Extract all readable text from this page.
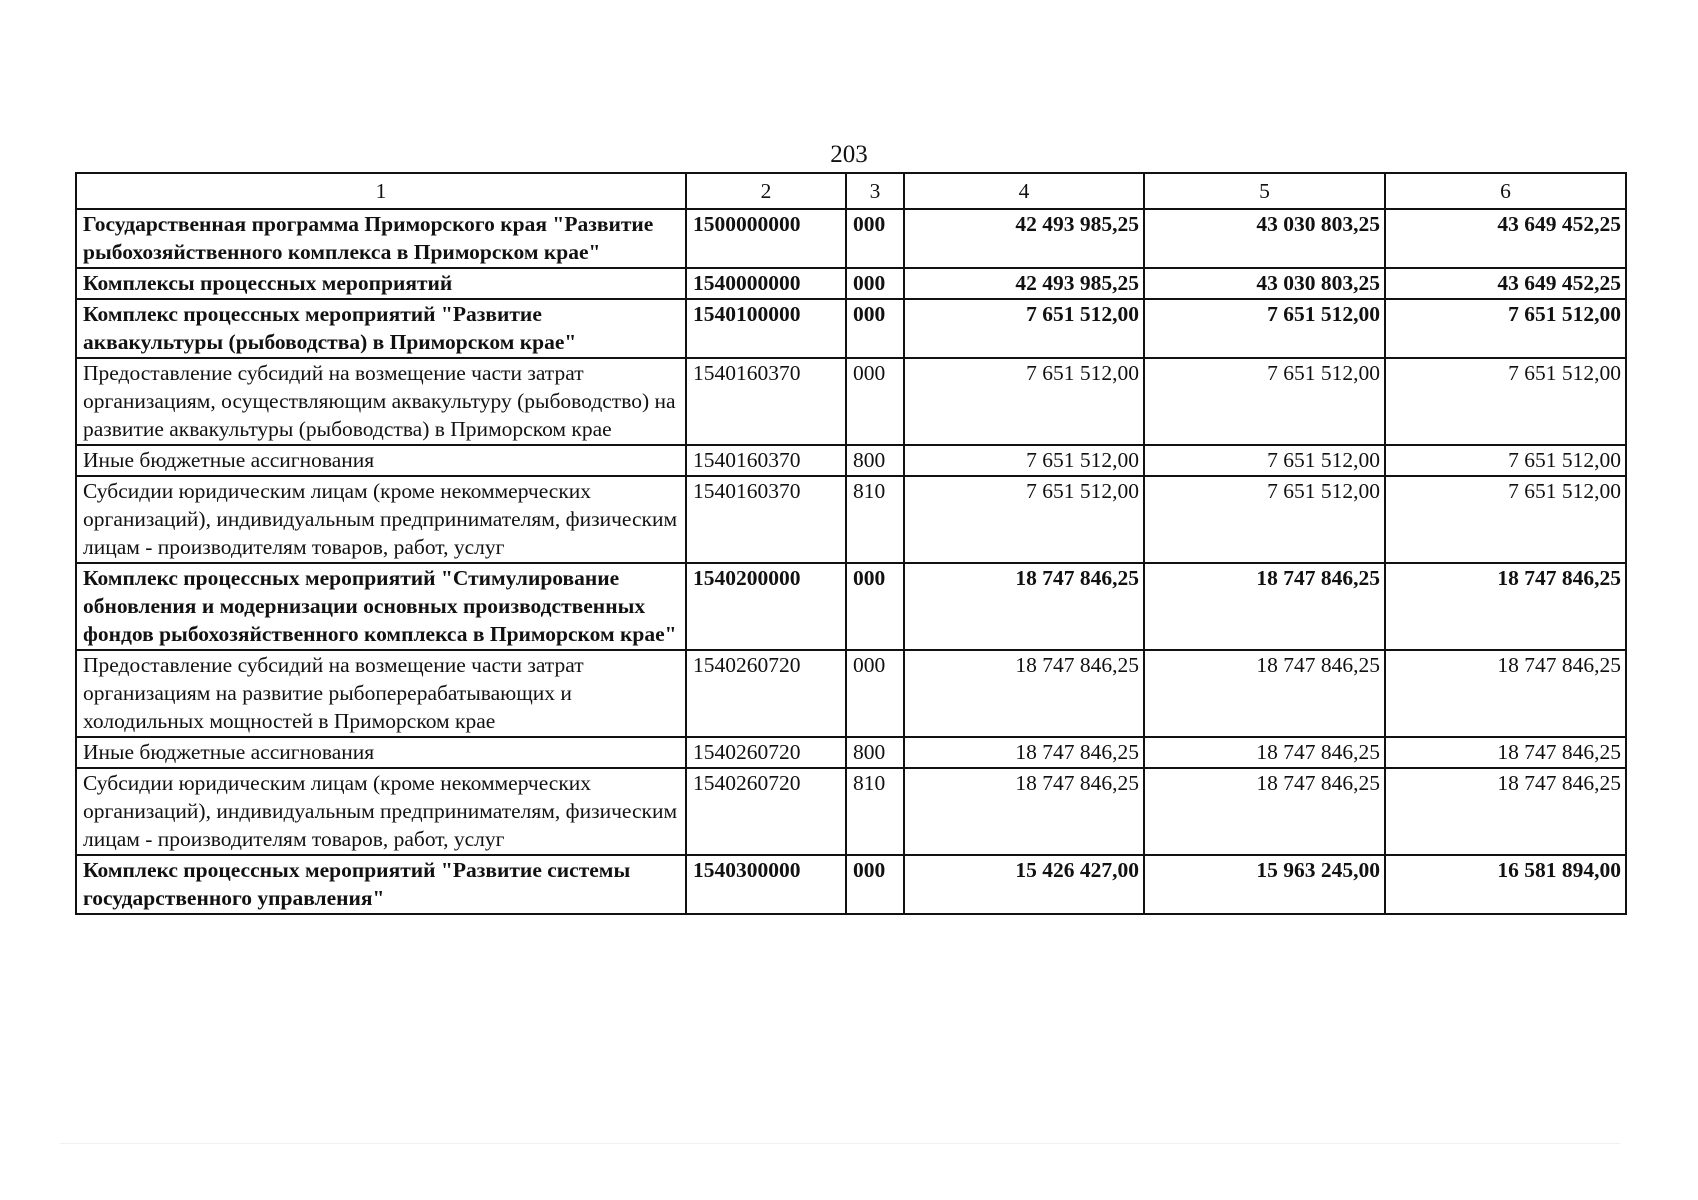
203
1	2	3	4	5	6
Государственная программа Приморского края "Развитие рыбохозяйственного комплекса в Приморском крае"	1500000000	000	42 493 985,25	43 030 803,25	43 649 452,25
Комплексы процессных мероприятий	1540000000	000	42 493 985,25	43 030 803,25	43 649 452,25
Комплекс процессных мероприятий "Развитие аквакультуры (рыбоводства) в Приморском крае"	1540100000	000	7 651 512,00	7 651 512,00	7 651 512,00
Предоставление субсидий на возмещение части затрат организациям, осуществляющим аквакультуру (рыбоводство) на развитие аквакультуры (рыбоводства) в Приморском крае	1540160370	000	7 651 512,00	7 651 512,00	7 651 512,00
Иные бюджетные ассигнования	1540160370	800	7 651 512,00	7 651 512,00	7 651 512,00
Субсидии юридическим лицам (кроме некоммерческих организаций), индивидуальным предпринимателям, физическим лицам - производителям товаров, работ, услуг	1540160370	810	7 651 512,00	7 651 512,00	7 651 512,00
Комплекс процессных мероприятий "Стимулирование обновления и модернизации основных производственных фондов рыбохозяйственного комплекса в Приморском крае"	1540200000	000	18 747 846,25	18 747 846,25	18 747 846,25
Предоставление субсидий на возмещение части затрат организациям на развитие рыбоперерабатывающих и холодильных мощностей в Приморском крае	1540260720	000	18 747 846,25	18 747 846,25	18 747 846,25
Иные бюджетные ассигнования	1540260720	800	18 747 846,25	18 747 846,25	18 747 846,25
Субсидии юридическим лицам (кроме некоммерческих организаций), индивидуальным предпринимателям, физическим лицам - производителям товаров, работ, услуг	1540260720	810	18 747 846,25	18 747 846,25	18 747 846,25
Комплекс процессных мероприятий "Развитие системы государственного управления"	1540300000	000	15 426 427,00	15 963 245,00	16 581 894,00
